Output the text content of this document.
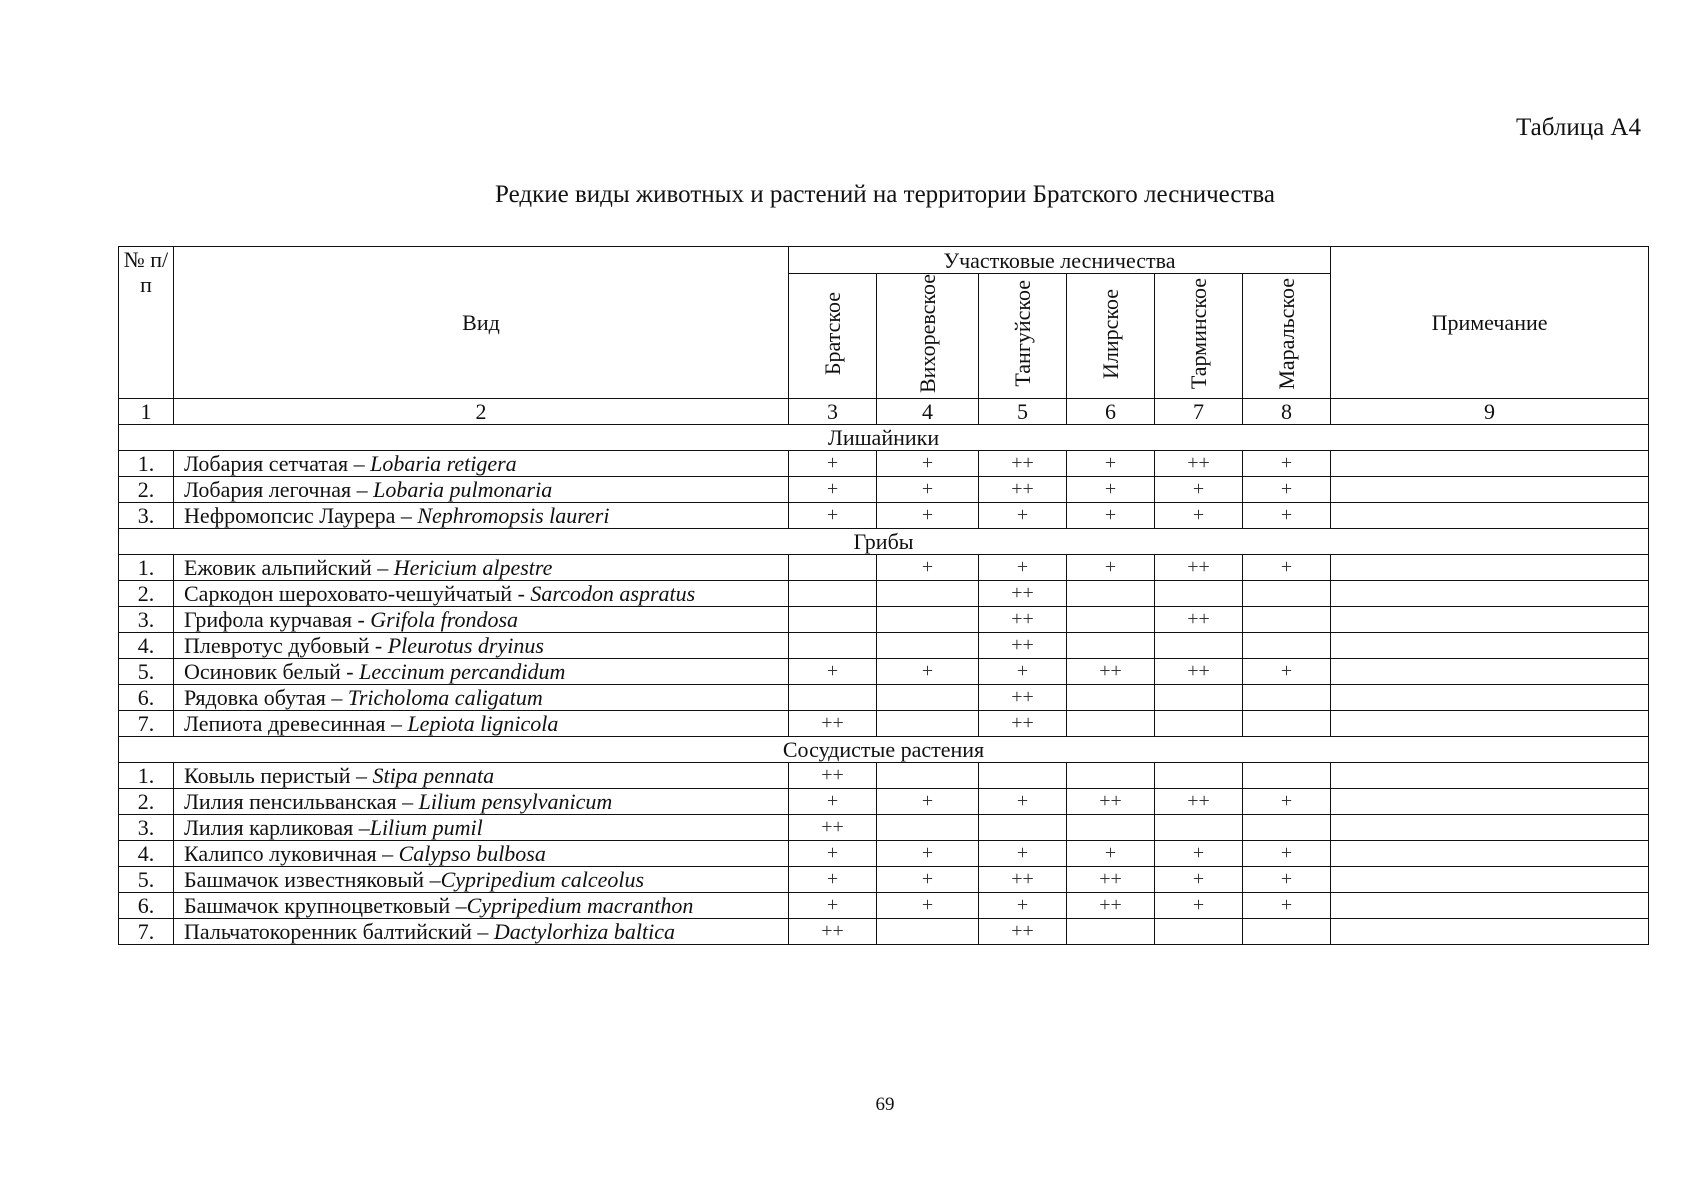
Таблица А4
Редкие виды животных и растений на территории Братского лесничества
№ п/п	Вид	Участковые лесничества						Примечание
		Братское	Вихоревское	Тангуйское	Илирское	Тарминское	Маральское	
1	2	3	4	5	6	7	8	9
Лишайники								
1.	Лобария сетчатая – Lobaria retigera	+	+	++	+	++	+	
2.	Лобария легочная – Lobaria pulmonaria	+	+	++	+	+	+	
3.	Нефромопсис Лаурера – Nephromopsis laureri	+	+	+	+	+	+	
Грибы								
1.	Ежовик альпийский – Hericium alpestre		+	+	+	++	+	
2.	Саркодон шероховато-чешуйчатый - Sarcodon aspratus			++				
3.	Грифола курчавая - Grifola frondosa			++		++		
4.	Плевротус дубовый - Pleurotus dryinus			++				
5.	Осиновик белый - Leccinum percandidum	+	+	+	++	++	+	
6.	Рядовка обутая – Tricholoma caligatum			++				
7.	Лепиота древесинная – Lepiota lignicola	++		++				
Сосудистые растения								
1.	Ковыль перистый – Stipa pennata	++						
2.	Лилия пенсильванская – Lilium pensylvanicum	+	+	+	++	++	+	
3.	Лилия карликовая –Lilium pumil	++						
4.	Калипсо луковичная – Calypso bulbosa	+	+	+	+	+	+	
5.	Башмачок известняковый –Cypripedium calceolus	+	+	++	++	+	+	
6.	Башмачок крупноцветковый –Cypripedium macranthon	+	+	+	++	+	+	
7.	Пальчатокоренник балтийский – Dactylorhiza baltica	++		++				
69
